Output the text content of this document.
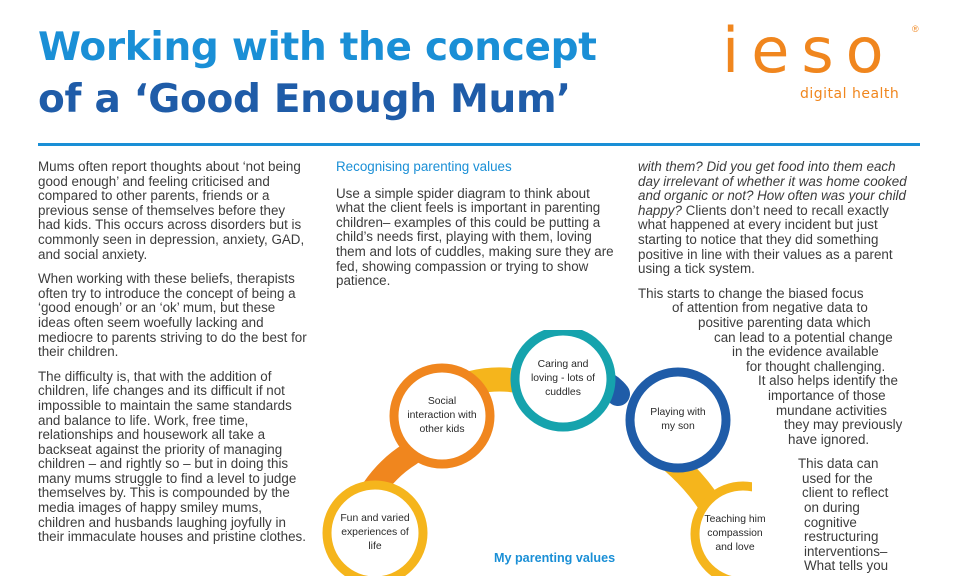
Working with the concept
of a ‘Good Enough Mum’
ieso ®
digital health

Mums often report thoughts about ‘not being good enough’ and feeling criticised and compared to other parents, friends or a previous sense of themselves before they had kids. This occurs across disorders but is commonly seen in depression, anxiety, GAD, and social anxiety.

When working with these beliefs, therapists often try to introduce the concept of being a ‘good enough’ or an ‘ok’ mum, but these ideas often seem woefully lacking and mediocre to parents striving to do the best for their children.

The difficulty is, that with the addition of children, life changes and its difficult if not impossible to maintain the same standards and balance to life. Work, free time, relationships and housework all take a backseat against the priority of managing children – and rightly so – but in doing this many mums struggle to find a level to judge themselves by. This is compounded by the media images of happy smiley mums, children and husbands laughing joyfully in their immaculate houses and pristine clothes.

Recognising parenting values

Use a simple spider diagram to think about what the client feels is important in parenting children– examples of this could be putting a child’s needs first, playing with them, loving them and lots of cuddles, making sure they are fed, showing compassion or trying to show patience.

with them? Did you get food into them each day irrelevant of whether it was home cooked and organic or not? How often was your child happy? Clients don’t need to recall exactly what happened at every incident but just starting to notice that they did something positive in line with their values as a parent using a tick system.

This starts to change the biased focus
of attention from negative data to
positive parenting data which
can lead to a potential change
in the evidence available
for thought challenging.
It also helps identify the
importance of those
mundane activities
they may previously
have ignored.

This data can
used for the
client to reflect
on during
cognitive
restructuring
interventions–
What tells you

Fun and varied experiences of life
Social interaction with other kids
Caring and loving - lots of cuddles
Playing with my son
Teaching him compassion and love
My parenting values
